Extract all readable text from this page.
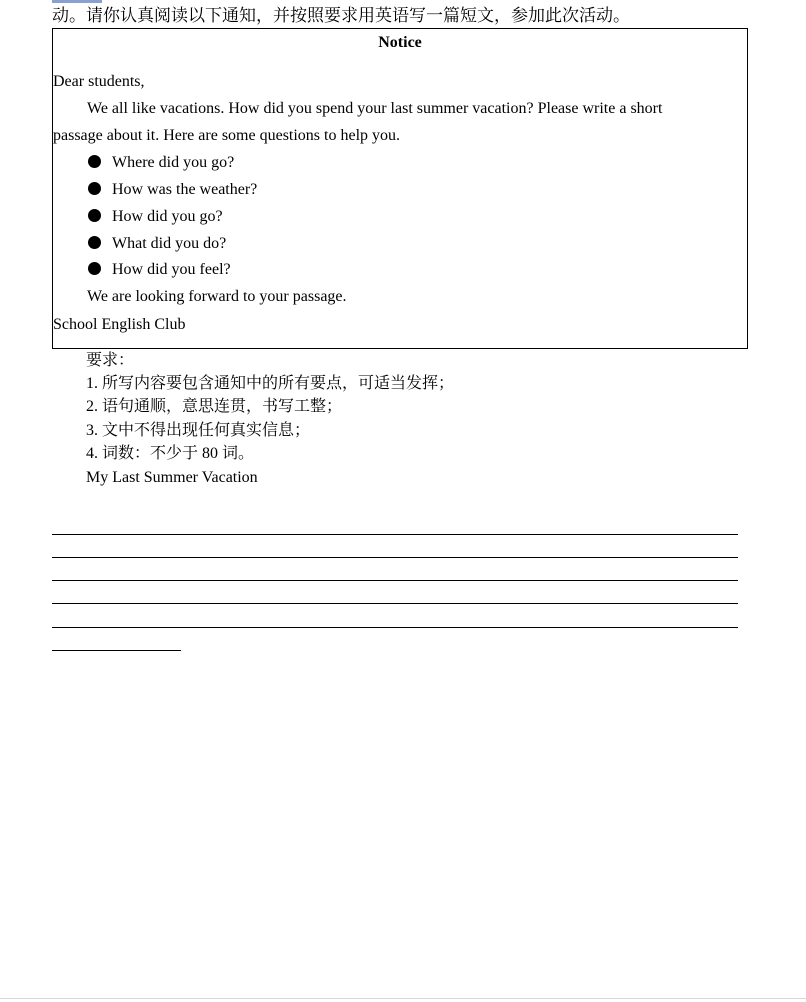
动。请你认真阅读以下通知，并按照要求用英语写一篇短文，参加此次活动。
Notice
Dear students,
We all like vacations. How did you spend your last summer vacation? Please write a short
passage about it. Here are some questions to help you.
Where did you go?
How was the weather?
How did you go?
What did you do?
How did you feel?
We are looking forward to your passage.
School English Club
要求：
1. 所写内容要包含通知中的所有要点，可适当发挥；
2. 语句通顺，意思连贯，书写工整；
3. 文中不得出现任何真实信息；
4. 词数：不少于 80 词。
My Last Summer Vacation
